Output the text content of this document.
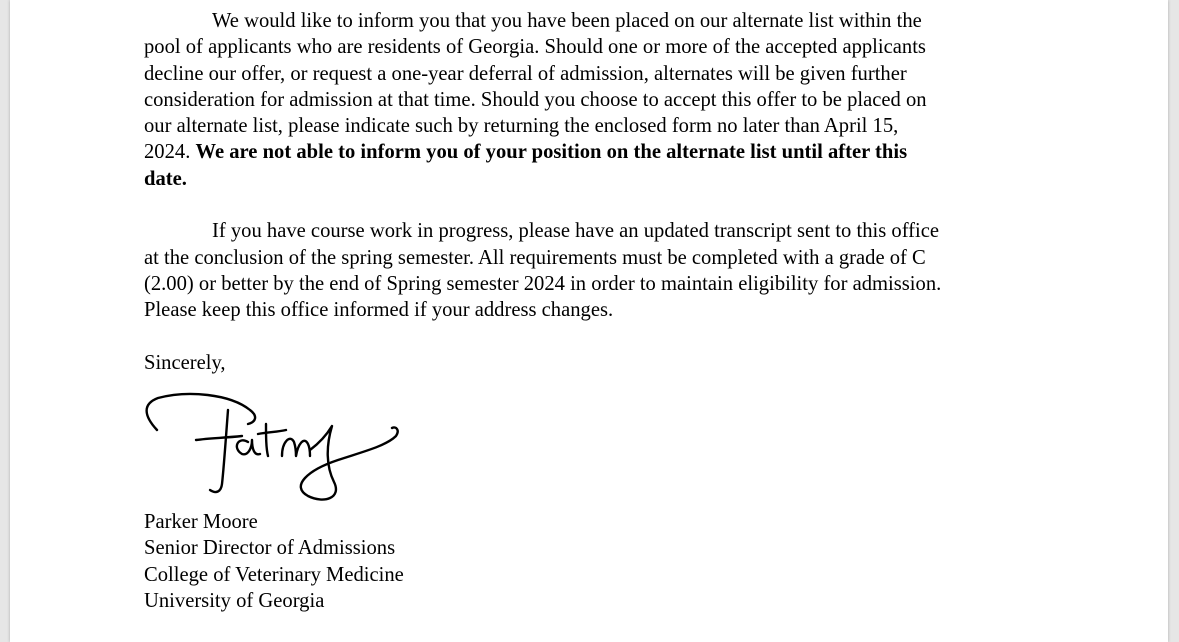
We would like to inform you that you have been placed on our alternate list within the
pool of applicants who are residents of Georgia. Should one or more of the accepted applicants
decline our offer, or request a one-year deferral of admission, alternates will be given further
consideration for admission at that time. Should you choose to accept this offer to be placed on
our alternate list, please indicate such by returning the enclosed form no later than April 15,
2024. We are not able to inform you of your position on the alternate list until after this
date.

If you have course work in progress, please have an updated transcript sent to this office
at the conclusion of the spring semester. All requirements must be completed with a grade of C
(2.00) or better by the end of Spring semester 2024 in order to maintain eligibility for admission.
Please keep this office informed if your address changes.

Sincerely,

Parker Moore
Senior Director of Admissions
College of Veterinary Medicine
University of Georgia
